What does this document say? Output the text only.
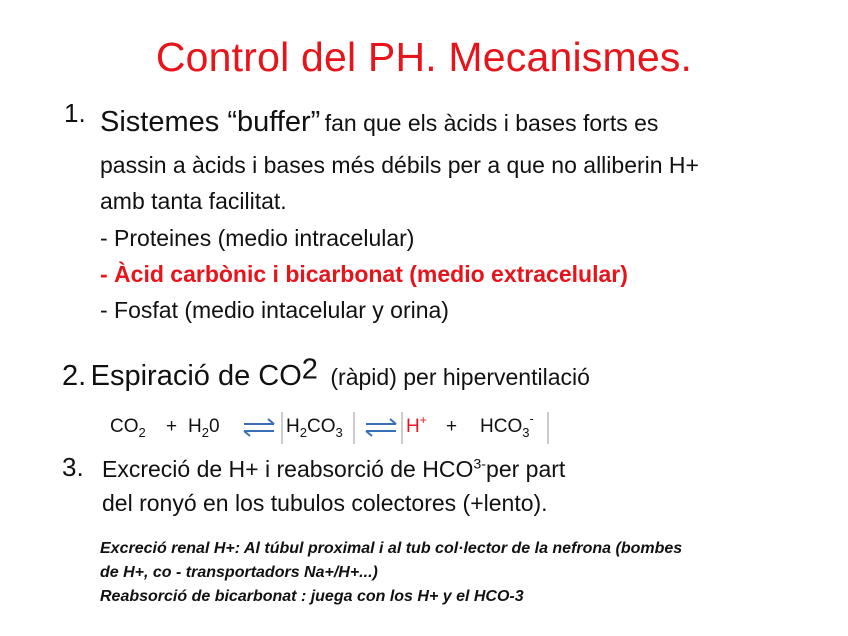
Control del PH. Mecanismes.
1. Sistemes “buffer” fan que els àcids i bases forts es
passin a àcids i bases més débils per a que no alliberin H+
amb tanta facilitat.
- Proteines (medio intracelular)
- Àcid carbònic i bicarbonat (medio extracelular)
- Fosfat (medio intacelular y orina)
2. Espiració de $CO^2$ (ràpid) per hiperventilació
$CO_2 + H_20$	$H_2CO_3$	$H^+ + HCO_3^-$
3. Excreció de H+ i reabsorció de $HCO^{3-}per$ part
del ronyó en los tubulos colectores (+lento).
Excreció renal H+: Al túbul proximal i al tub col·lector de la nefrona (bombes
de H+, co - transportadors Na+/H+...)
Reabsorció de bicarbonat : juega con los H+ y el HCO-3
